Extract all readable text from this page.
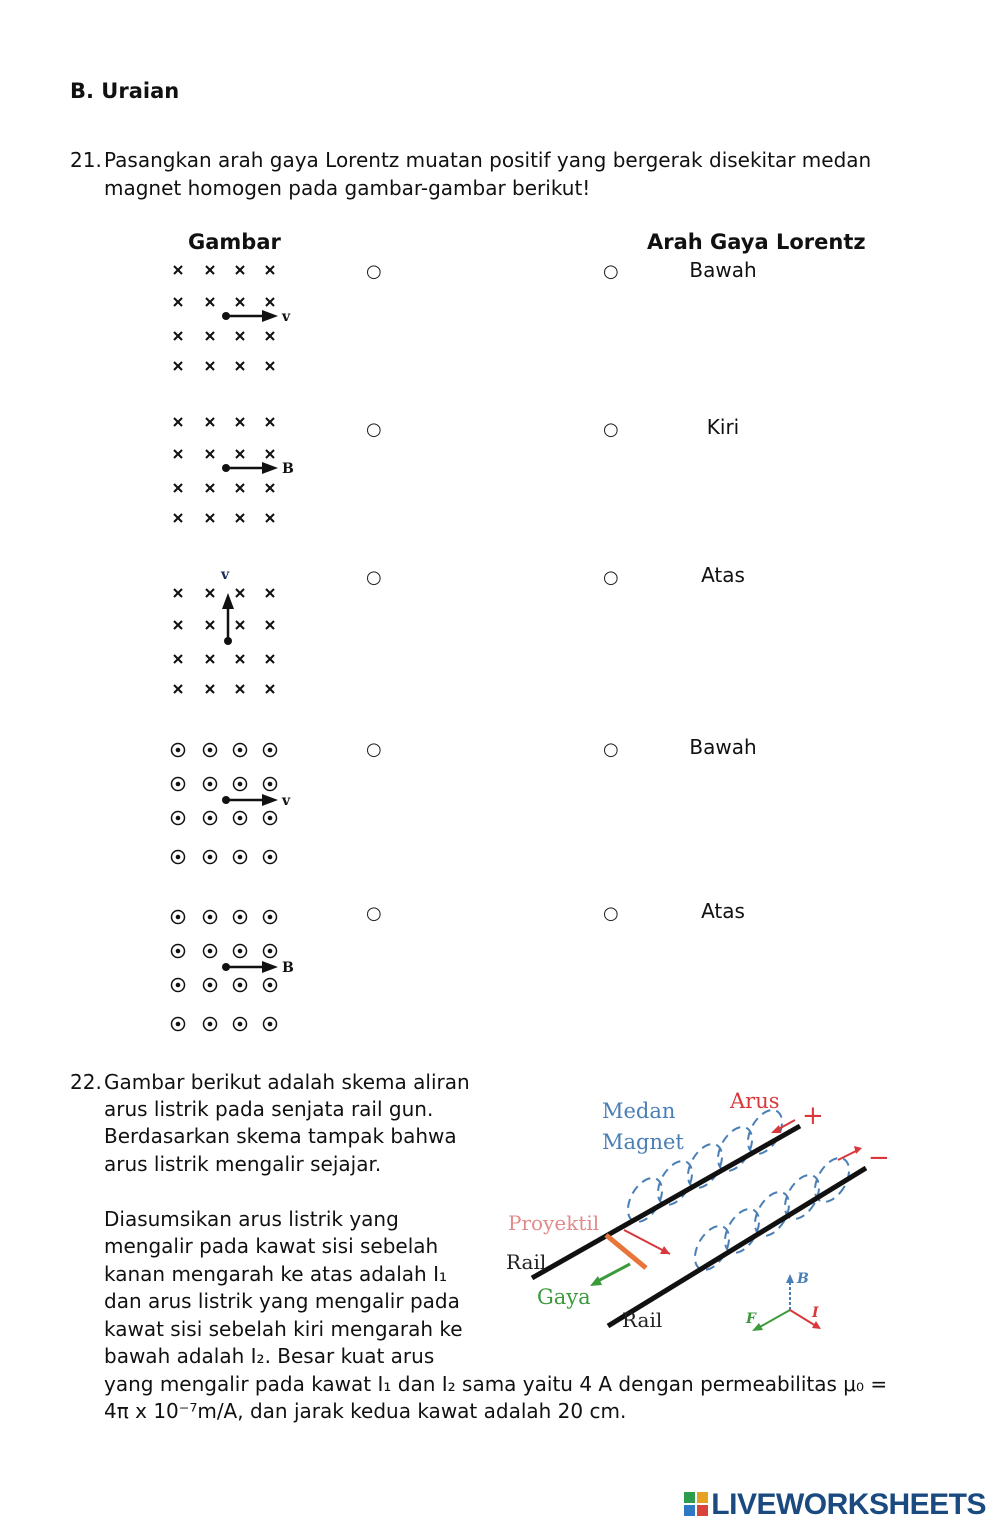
B. Uraian
21. Pasangkan arah gaya Lorentz muatan positif yang bergerak disekitar medan
magnet homogen pada gambar-gambar berikut!
Gambar	Arah Gaya Lorentz
v
B
v
v
B
○
○
○
○
○
○
○
○
○
○
Bawah
Kiri
Atas
Bawah
Atas
22. Gambar berikut adalah skema aliran
arus listrik pada senjata rail gun.
Berdasarkan skema tampak bahwa
arus listrik mengalir sejajar.
Diasumsikan arus listrik yang
mengalir pada kawat sisi sebelah
kanan mengarah ke atas adalah I₁
dan arus listrik yang mengalir pada
kawat sisi sebelah kiri mengarah ke
bawah adalah I₂. Besar kuat arus
yang mengalir pada kawat I₁ dan I₂ sama yaitu 4 A dengan permeabilitas μ₀ =
4π x 10⁻⁷m/A, dan jarak kedua kawat adalah 20 cm.
Medan
Magnet
Arus +
−
Proyektil
Rail
Gaya
Rail
B
F	I
LIVEWORKSHEETS
